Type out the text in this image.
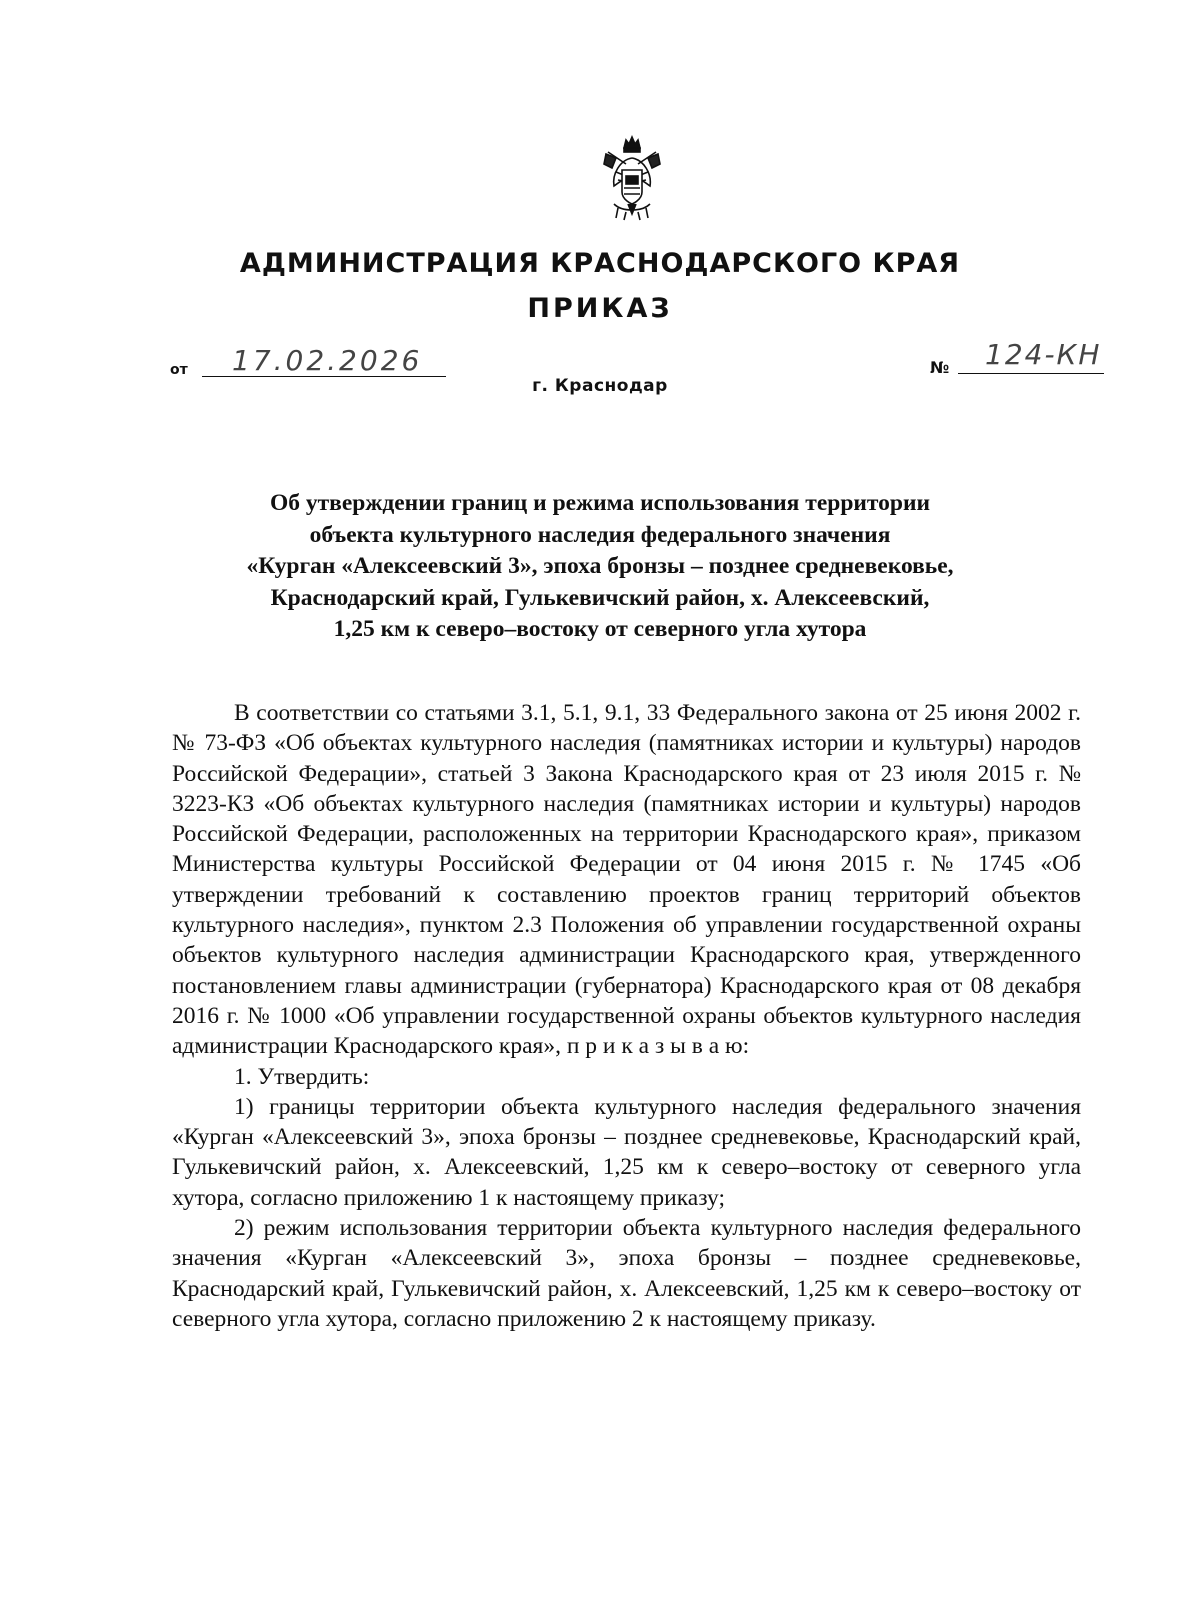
АДМИНИСТРАЦИЯ КРАСНОДАРСКОГО КРАЯ
ПРИКАЗ
от 17.02.2026	№ 124-КН
г. Краснодар
Об утверждении границ и режима использования территории
объекта культурного наследия федерального значения
«Курган «Алексеевский 3», эпоха бронзы – позднее средневековье,
Краснодарский край, Гулькевичский район, х. Алексеевский,
1,25 км к северо–востоку от северного угла хутора

В соответствии со статьями 3.1, 5.1, 9.1, 33 Федерального закона от 25 июня 2002 г. № 73-ФЗ «Об объектах культурного наследия (памятниках истории и культуры) народов Российской Федерации», статьей 3 Закона Краснодарского края от 23 июля 2015 г. № 3223-КЗ «Об объектах культурного наследия (памятниках истории и культуры) народов Российской Федерации, расположенных на территории Краснодарского края», приказом Министерства культуры Российской Федерации от 04 июня 2015 г. № 1745 «Об утверждении требований к составлению проектов границ территорий объектов культурного наследия», пунктом 2.3 Положения об управлении государственной охраны объектов культурного наследия администрации Краснодарского края, утвержденного постановлением главы администрации (губернатора) Краснодарского края от 08 декабря 2016 г. № 1000 «Об управлении государственной охраны объектов культурного наследия администрации Краснодарского края», п р и к а з ы в а ю:

1. Утвердить:

1) границы территории объекта культурного наследия федерального значения «Курган «Алексеевский 3», эпоха бронзы – позднее средневековье, Краснодарский край, Гулькевичский район, х. Алексеевский, 1,25 км к северо–востоку от северного угла хутора, согласно приложению 1 к настоящему приказу;

2) режим использования территории объекта культурного наследия федерального значения «Курган «Алексеевский 3», эпоха бронзы – позднее средневековье, Краснодарский край, Гулькевичский район, х. Алексеевский, 1,25 км к северо–востоку от северного угла хутора, согласно приложению 2 к настоящему приказу.
